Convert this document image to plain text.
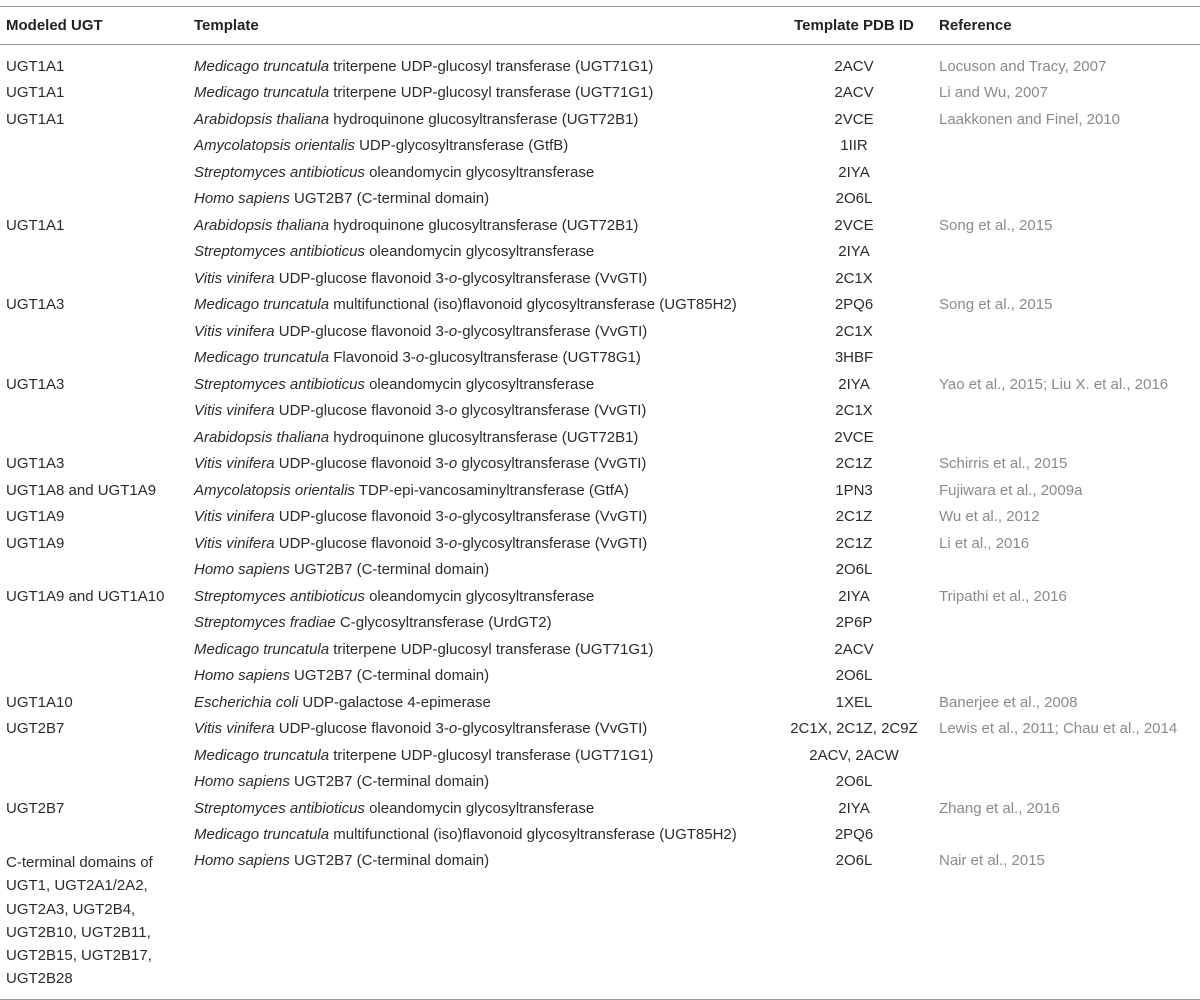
Modeled UGT	Template	Template PDB ID	Reference
UGT1A1	Medicago truncatula triterpene UDP-glucosyl transferase (UGT71G1)	2ACV	Locuson and Tracy, 2007
UGT1A1	Medicago truncatula triterpene UDP-glucosyl transferase (UGT71G1)	2ACV	Li and Wu, 2007
UGT1A1	Arabidopsis thaliana hydroquinone glucosyltransferase (UGT72B1)	2VCE	Laakkonen and Finel, 2010
	Amycolatopsis orientalis UDP-glycosyltransferase (GtfB)	1IIR	
	Streptomyces antibioticus oleandomycin glycosyltransferase	2IYA	
	Homo sapiens UGT2B7 (C-terminal domain)	2O6L	
UGT1A1	Arabidopsis thaliana hydroquinone glucosyltransferase (UGT72B1)	2VCE	Song et al., 2015
	Streptomyces antibioticus oleandomycin glycosyltransferase	2IYA	
	Vitis vinifera UDP-glucose flavonoid 3-o-glycosyltransferase (VvGTI)	2C1X	
UGT1A3	Medicago truncatula multifunctional (iso)flavonoid glycosyltransferase (UGT85H2)	2PQ6	Song et al., 2015
	Vitis vinifera UDP-glucose flavonoid 3-o-glycosyltransferase (VvGTI)	2C1X	
	Medicago truncatula Flavonoid 3-o-glucosyltransferase (UGT78G1)	3HBF	
UGT1A3	Streptomyces antibioticus oleandomycin glycosyltransferase	2IYA	Yao et al., 2015; Liu X. et al., 2016
	Vitis vinifera UDP-glucose flavonoid 3-o glycosyltransferase (VvGTI)	2C1X	
	Arabidopsis thaliana hydroquinone glucosyltransferase (UGT72B1)	2VCE	
UGT1A3	Vitis vinifera UDP-glucose flavonoid 3-o glycosyltransferase (VvGTI)	2C1Z	Schirris et al., 2015
UGT1A8 and UGT1A9	Amycolatopsis orientalis TDP-epi-vancosaminyltransferase (GtfA)	1PN3	Fujiwara et al., 2009a
UGT1A9	Vitis vinifera UDP-glucose flavonoid 3-o-glycosyltransferase (VvGTI)	2C1Z	Wu et al., 2012
UGT1A9	Vitis vinifera UDP-glucose flavonoid 3-o-glycosyltransferase (VvGTI)	2C1Z	Li et al., 2016
	Homo sapiens UGT2B7 (C-terminal domain)	2O6L	
UGT1A9 and UGT1A10	Streptomyces antibioticus oleandomycin glycosyltransferase	2IYA	Tripathi et al., 2016
	Streptomyces fradiae C-glycosyltransferase (UrdGT2)	2P6P	
	Medicago truncatula triterpene UDP-glucosyl transferase (UGT71G1)	2ACV	
	Homo sapiens UGT2B7 (C-terminal domain)	2O6L	
UGT1A10	Escherichia coli UDP-galactose 4-epimerase	1XEL	Banerjee et al., 2008
UGT2B7	Vitis vinifera UDP-glucose flavonoid 3-o-glycosyltransferase (VvGTI)	2C1X, 2C1Z, 2C9Z	Lewis et al., 2011; Chau et al., 2014
	Medicago truncatula triterpene UDP-glucosyl transferase (UGT71G1)	2ACV, 2ACW	
	Homo sapiens UGT2B7 (C-terminal domain)	2O6L	
UGT2B7	Streptomyces antibioticus oleandomycin glycosyltransferase	2IYA	Zhang et al., 2016
	Medicago truncatula multifunctional (iso)flavonoid glycosyltransferase (UGT85H2)	2PQ6	
C-terminal domains of UGT1, UGT2A1/2A2, UGT2A3, UGT2B4, UGT2B10, UGT2B11, UGT2B15, UGT2B17, UGT2B28	Homo sapiens UGT2B7 (C-terminal domain)	2O6L	Nair et al., 2015
